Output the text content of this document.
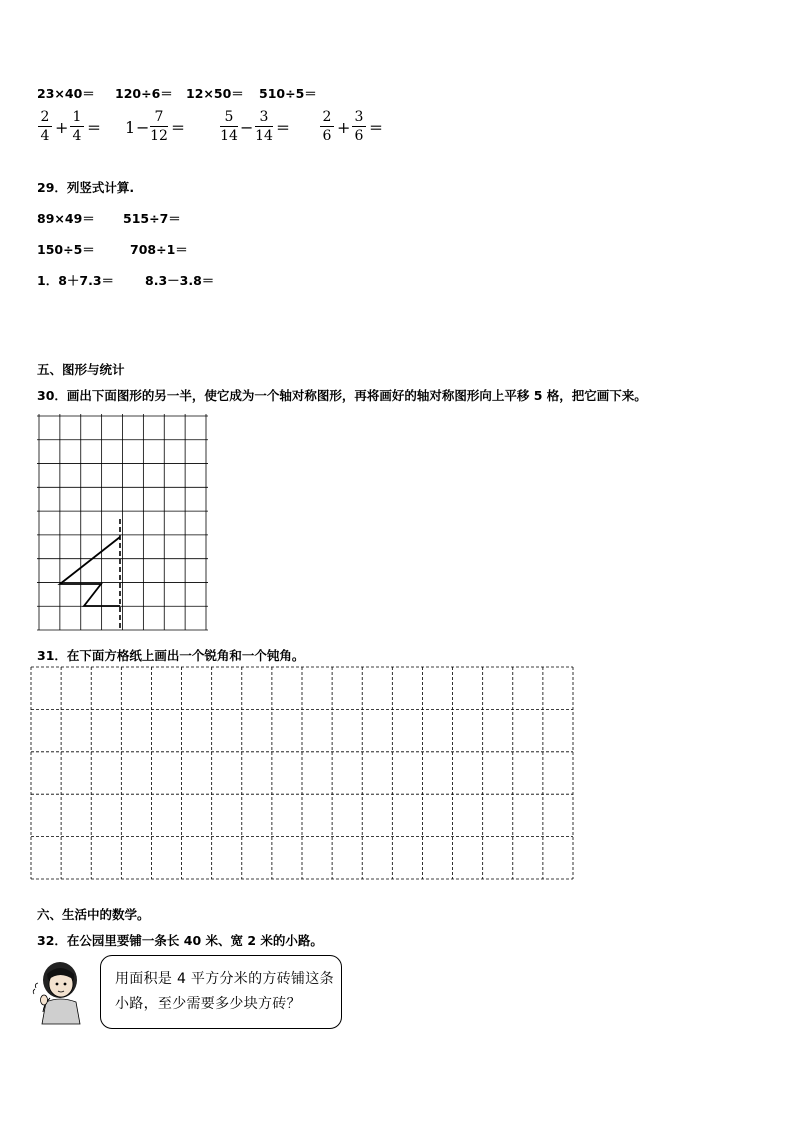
23×40＝ 120÷6＝ 12×50＝ 510÷5＝
2
4 +
1
4 ＝ 1 −
7
12 ＝
5
14 −
3
14 ＝
2
6 +
3
6 ＝
29．列竖式计算.
89×49＝ 515÷7＝
150÷5＝	708÷1＝
1．8＋7.3＝ 8.3－3.8＝
五、图形与统计
30．画出下面图形的另一半，使它成为一个轴对称图形，再将画好的轴对称图形向上平移 5 格，把它画下来。
31．在下面方格纸上画出一个锐角和一个钝角。
六、生活中的数学。
32．在公园里要铺一条长 40 米、宽 2 米的小路。
用面积是 4 平方分米的方砖铺这条
小路，至少需要多少块方砖？
